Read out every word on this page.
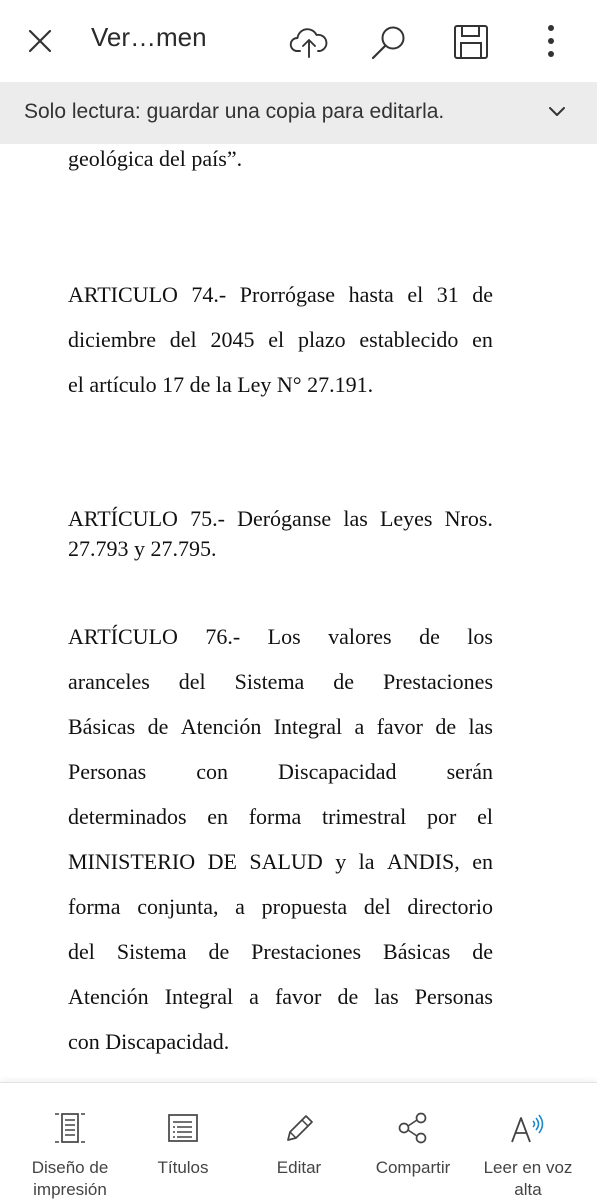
Ver…men
Solo lectura: guardar una copia para editarla.
geológica del país”.
ARTICULO 74.- Prorrógase hasta el 31 de
diciembre del 2045 el plazo establecido en
el artículo 17 de la Ley N° 27.191.
ARTÍCULO 75.- Deróganse las Leyes Nros.
27.793 y 27.795.
ARTÍCULO 76.- Los valores de los
aranceles del Sistema de Prestaciones
Básicas de Atención Integral a favor de las
Personas con Discapacidad serán
determinados en forma trimestral por el
MINISTERIO DE SALUD y la ANDIS, en
forma conjunta, a propuesta del directorio
del Sistema de Prestaciones Básicas de
Atención Integral a favor de las Personas
con Discapacidad.
Diseño de
impresión
Títulos	Editar	Compartir	Leer en voz
alta
